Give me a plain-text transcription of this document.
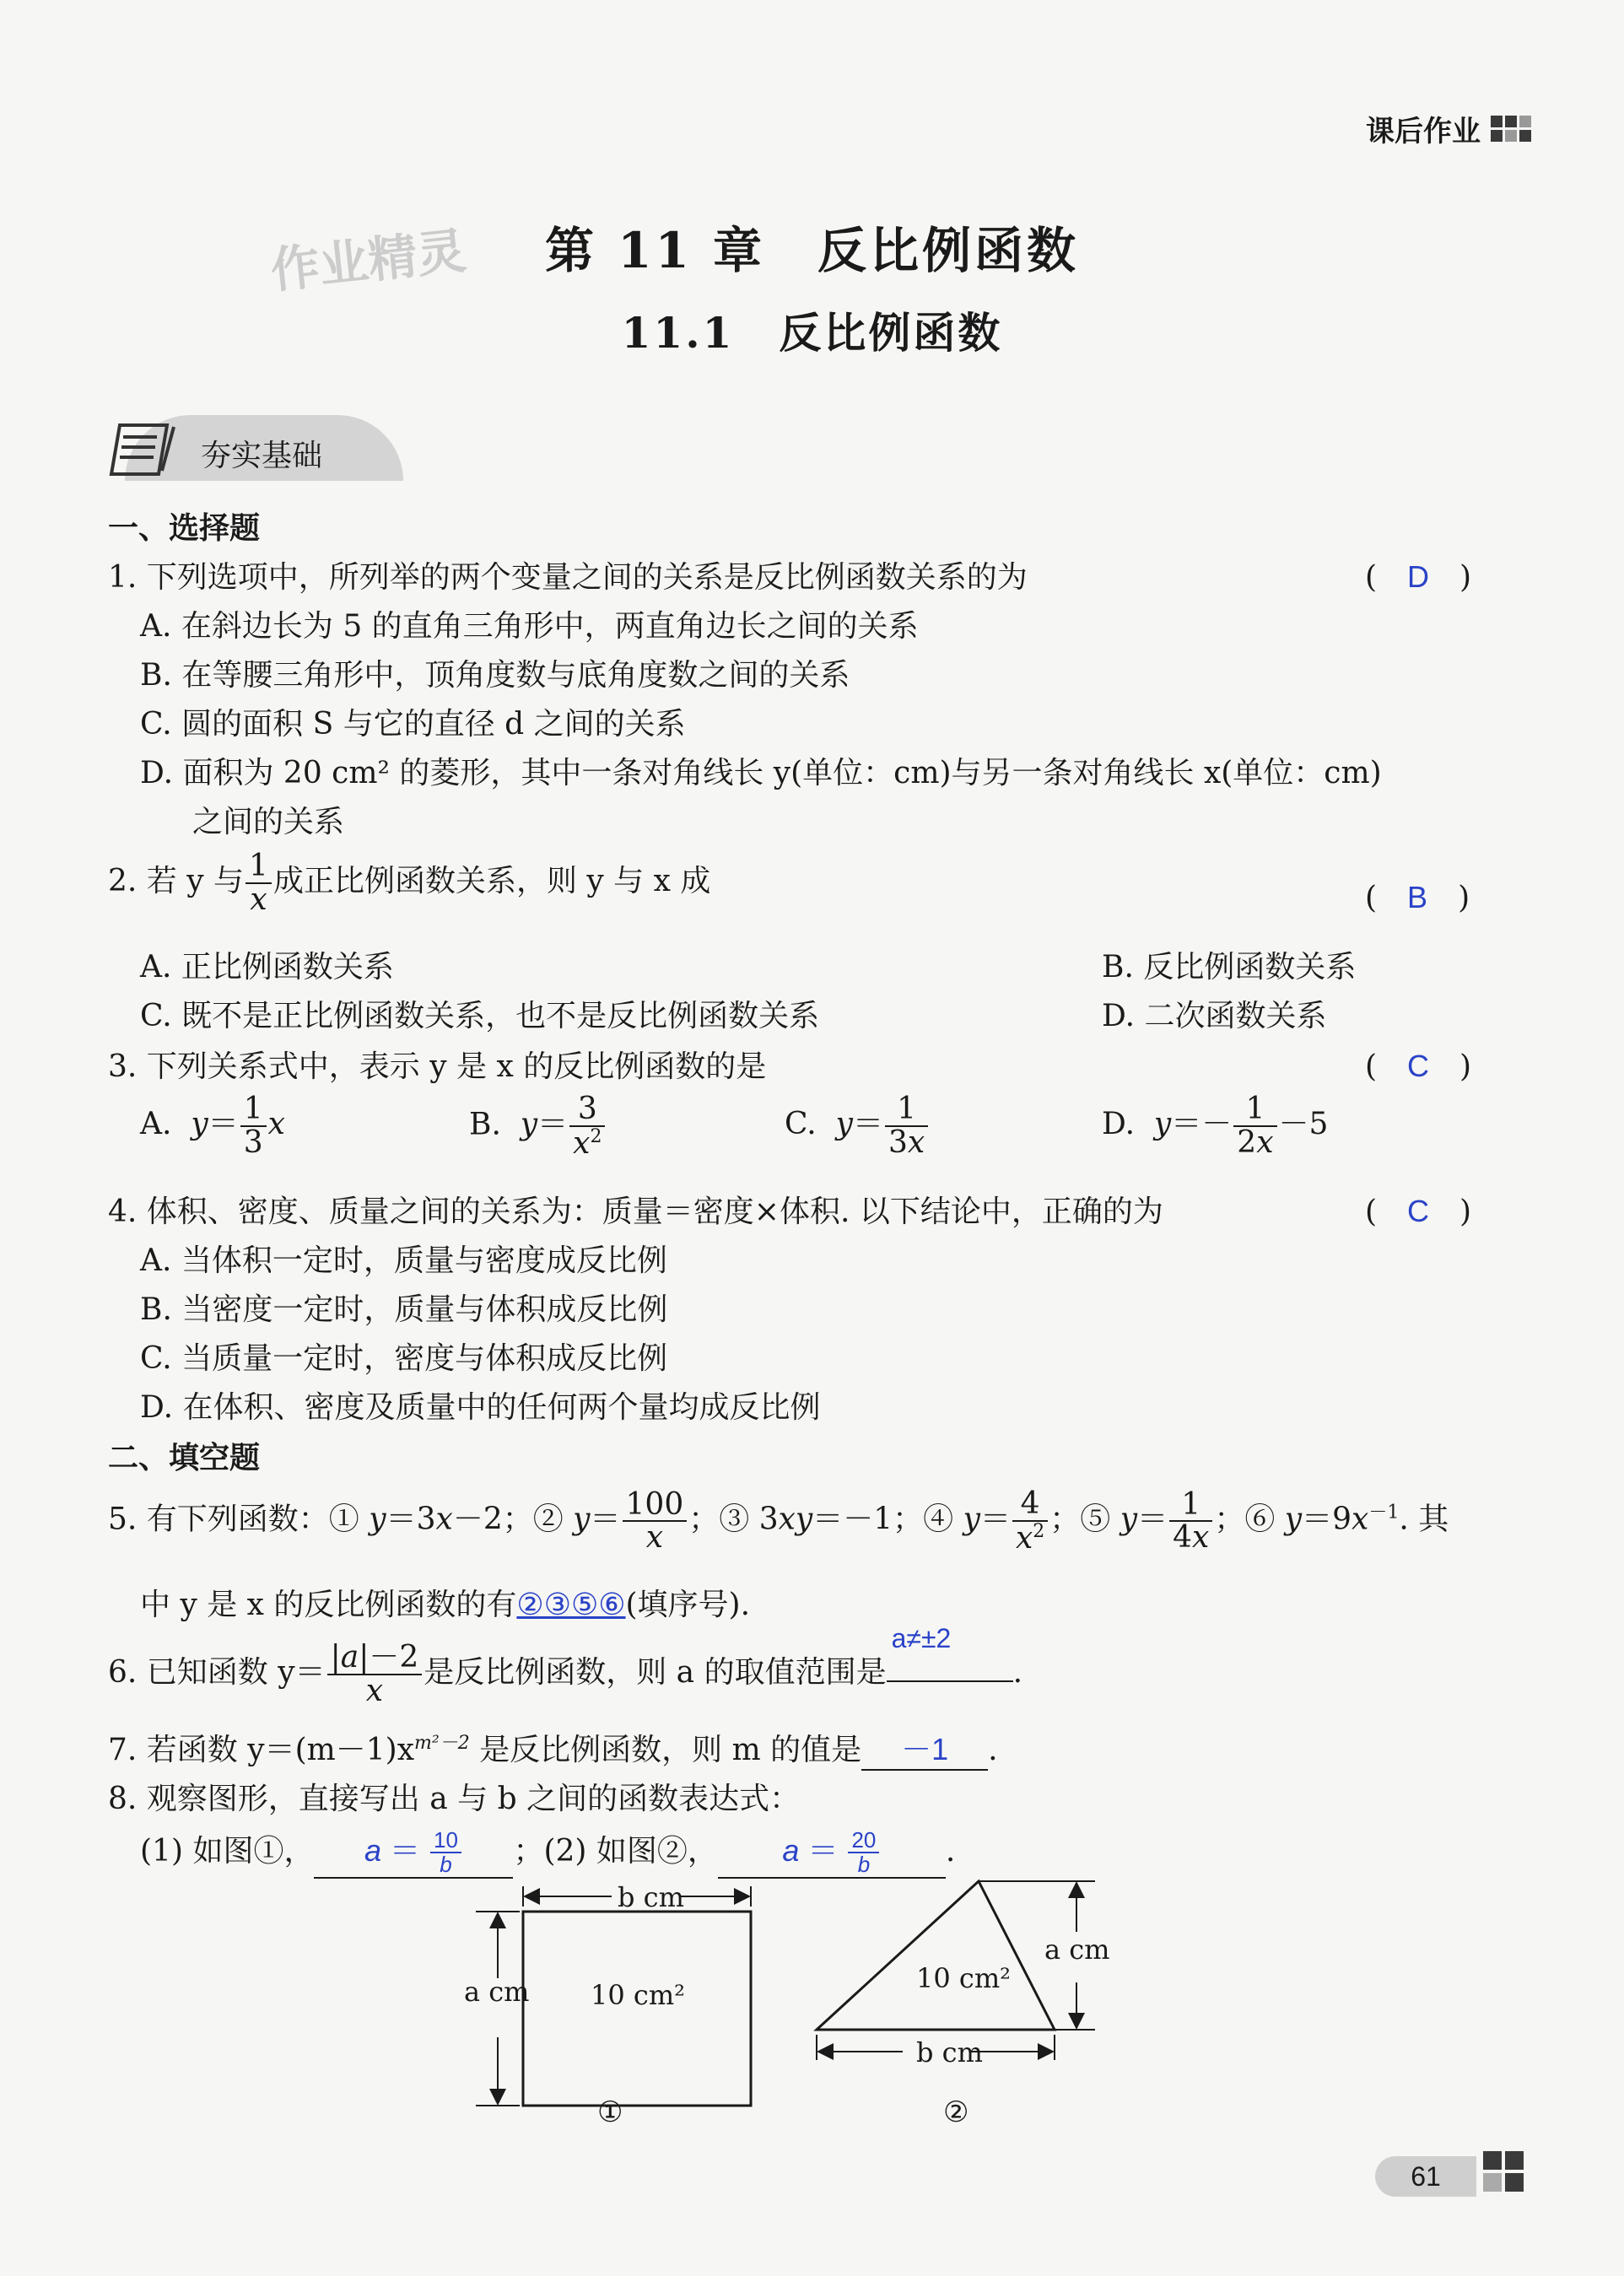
课后作业
作业精灵	第 11 章　反比例函数
11.1　反比例函数
夯实基础
一、选择题
1. 下列选项中，所列举的两个变量之间的关系是反比例函数关系的为	(　D　)
A. 在斜边长为 5 的直角三角形中，两直角边长之间的关系
B. 在等腰三角形中，顶角度数与底角度数之间的关系
C. 圆的面积 S 与它的直径 d 之间的关系
D. 面积为 20 cm² 的菱形，其中一条对角线长 y(单位：cm)与另一条对角线长 x(单位：cm)
之间的关系
2. 若 y 与 $\frac{1}{x}$ 成正比例函数关系，则 y 与 x 成	(　B　)
A. 正比例函数关系	B. 反比例函数关系
C. 既不是正比例函数关系，也不是反比例函数关系	D. 二次函数关系
3. 下列关系式中，表示 y 是 x 的反比例函数的是	(　C　)
A.  $y= \frac{1}{3}$ x	B.  $y= \frac{3}{x^2}$	C.  $y= \frac{1}{3x}$	D.  $y=- \frac{1}{2x} -5$
4. 体积、密度、质量之间的关系为：质量＝密度×体积. 以下结论中，正确的为	(　C　)
A. 当体积一定时，质量与密度成反比例
B. 当密度一定时，质量与体积成反比例
C. 当质量一定时，密度与体积成反比例
D. 在体积、密度及质量中的任何两个量均成反比例
二、填空题
5. 有下列函数：① y＝3x－2；② $y= \frac{100}{x}$ ；③ 3xy＝－1；④ $y= \frac{4}{x^2}$ ；⑤ $y= \frac{1}{4x}$ ；⑥ $y=9x^{-1}$. 其
中 y 是 x 的反比例函数的有②③⑤⑥(填序号).
6. 已知函数 $y= \frac{|a|-2}{x}$ 是反比例函数，则 a 的取值范围是
a≠±2
.
7. 若函数 $y=(m-1)x^{m^2-2}$ 是反比例函数，则 m 的值是 －1 .
8. 观察图形，直接写出 a 与 b 之间的函数表达式：
(1) 如图①， $a = \frac{10}{b}$ ；(2) 如图②， $a = \frac{20}{b}$ .
b cm
a cm 10 cm²
①
a cm
10 cm²
b cm
②
61
